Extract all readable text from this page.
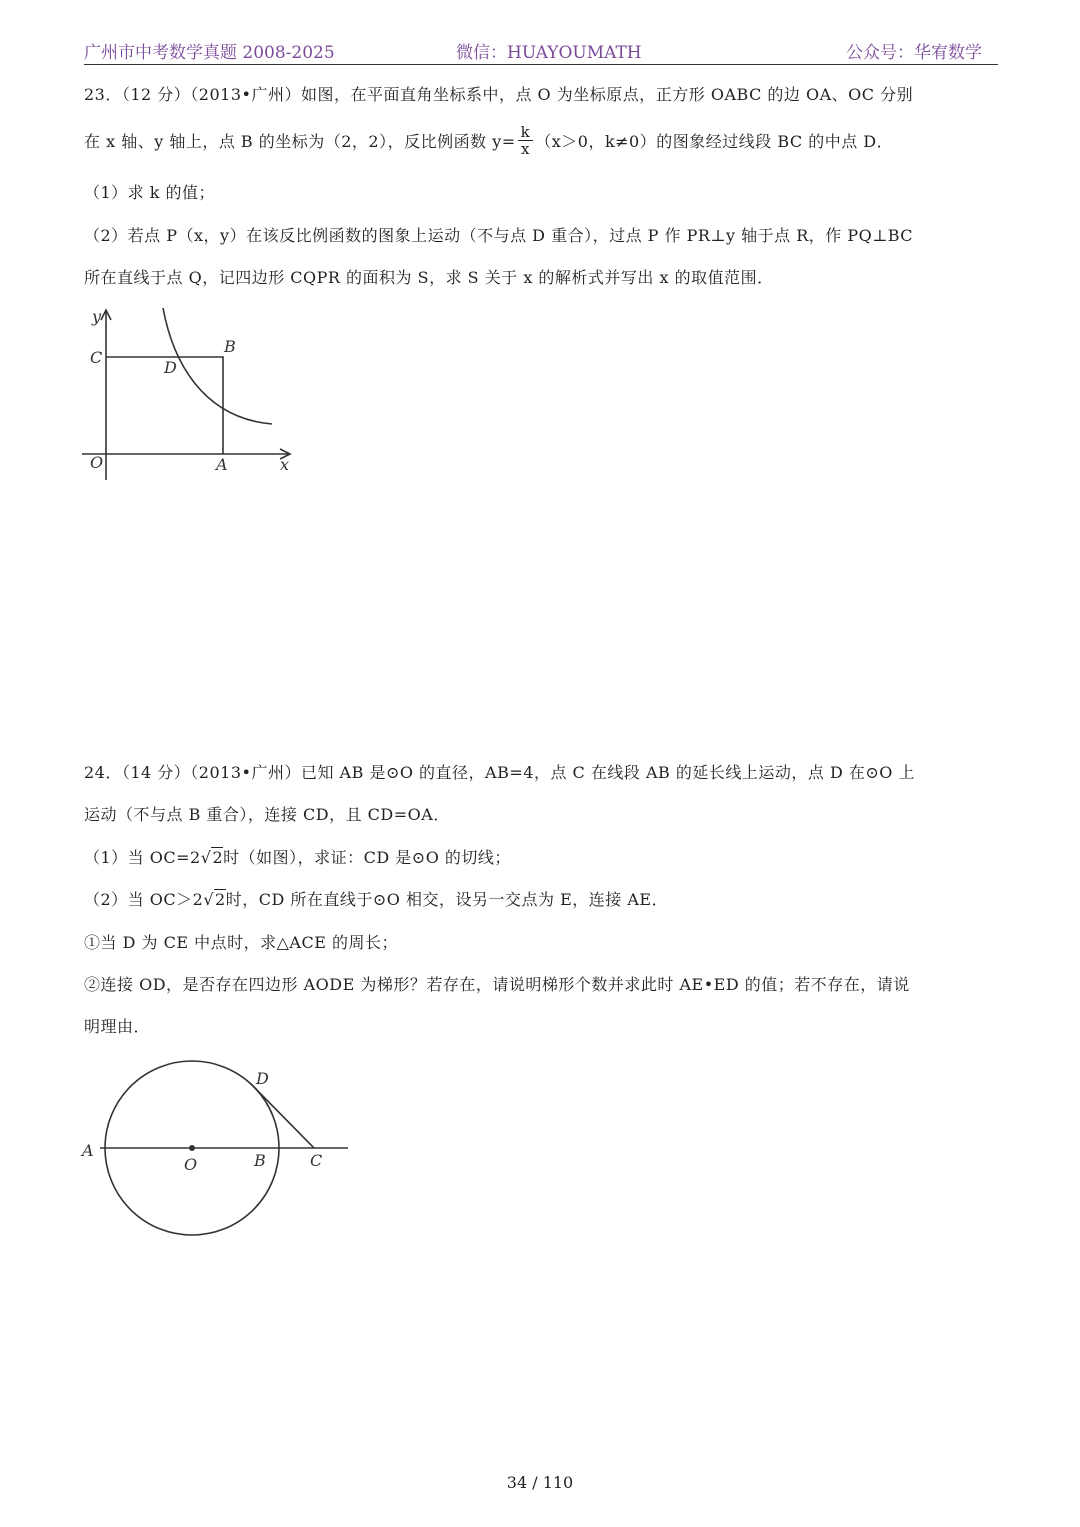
广州市中考数学真题 2008-2025	微信：HUAYOUMATH	公众号：华宥数学
23．（12 分）（2013•广州）如图，在平面直角坐标系中，点 O 为坐标原点，正方形 OABC 的边 OA、OC 分别
在 x 轴、y 轴上，点 B 的坐标为（2，2），反比例函数 $y= \frac{k}{x} (x>0$，k≠0）的图象经过线段 BC 的中点 D．
（1）求 k 的值；
（2）若点 P（x，y）在该反比例函数的图象上运动（不与点 D 重合），过点 P 作 PR⊥y 轴于点 R，作 PQ⊥BC
所在直线于点 Q，记四边形 CQPR 的面积为 S，求 S 关于 x 的解析式并写出 x 的取值范围．
y
C
B
D
O	A	x
24．（14 分）（2013•广州）已知 AB 是⊙O 的直径，AB=4，点 C 在线段 AB 的延长线上运动，点 D 在⊙O 上
运动（不与点 B 重合），连接 CD，且 CD=OA．
（1）当 OC=2√2时（如图），求证：CD 是⊙O 的切线；
（2）当 OC＞2√2时，CD 所在直线于⊙O 相交，设另一交点为 E，连接 AE．
①当 D 为 CE 中点时，求△ACE 的周长；
②连接 OD，是否存在四边形 AODE 为梯形？若存在，请说明梯形个数并求此时 AE•ED 的值；若不存在，请说
明理由．
A
O	B	C
D
34 / 110
